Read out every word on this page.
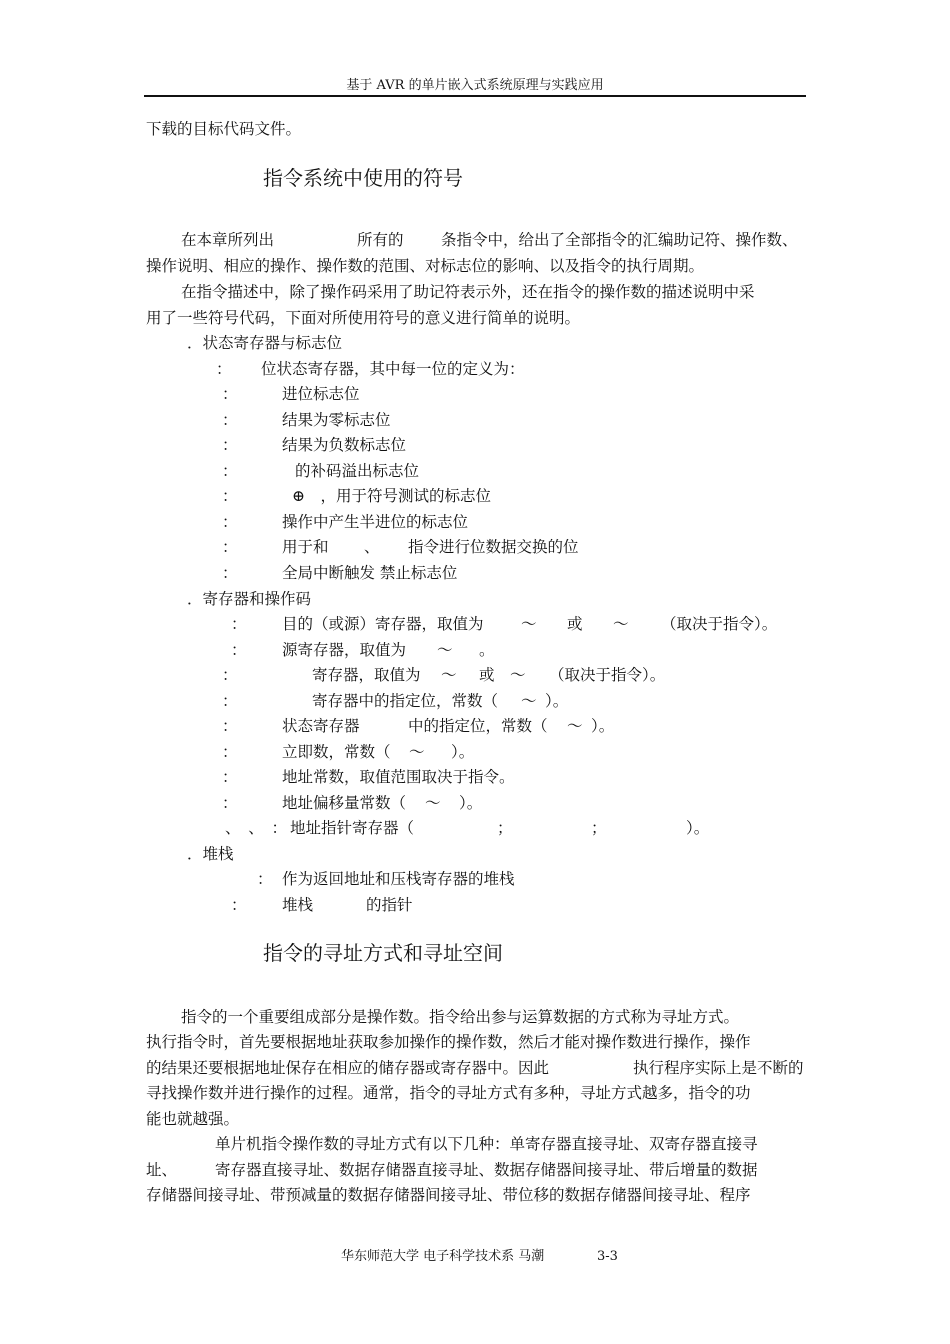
基于 AVR 的单片嵌入式系统原理与实践应用
下载的目标代码文件。
指令系统中使用的符号
在本章所列出	所有的 条指令中，给出了全部指令的汇编助记符、操作数、
操作说明、相应的操作、操作数的范围、对标志位的影响、以及指令的执行周期。
在指令描述中，除了操作码采用了助记符表示外，还在指令的操作数的描述说明中采
用了一些符号代码，下面对所使用符号的意义进行简单的说明。
．状态寄存器与标志位
： 位状态寄存器，其中每一位的定义为：
：	进位标志位
：	结果为零标志位
：	结果为负数标志位
：	的补码溢出标志位
：	⊕　，用于符号测试的标志位
：	操作中产生半进位的标志位
：	用于和 、 指令进行位数据交换的位
：	全局中断触发 禁止标志位
．寄存器和操作码
： 目的（或源）寄存器，取值为 ～ 或 ～ （取决于指令）。
： 源寄存器，取值为 ～ 。
：	寄存器，取值为 ～ 或 ～ （取决于指令）。
：	寄存器中的指定位，常数（ ～ ）。
：	状态寄存器	中的指定位，常数（ ～ ）。
：	立即数，常数（ ～ ）。
：	地址常数，取值范围取决于指令。
：	地址偏移量常数（ ～ ）。
、　、　： 地址指针寄存器（	；	；	）。
．堆栈
： 作为返回地址和压栈寄存器的堆栈
： 堆栈	的指针
指令的寻址方式和寻址空间
指令的一个重要组成部分是操作数。指令给出参与运算数据的方式称为寻址方式。
执行指令时，首先要根据地址获取参加操作的操作数，然后才能对操作数进行操作，操作
的结果还要根据地址保存在相应的储存器或寄存器中。因此	执行程序实际上是不断的
寻找操作数并进行操作的过程。通常，指令的寻址方式有多种，寻址方式越多，指令的功
能也就越强。
单片机指令操作数的寻址方式有以下几种：单寄存器直接寻址、双寄存器直接寻
址、 寄存器直接寻址、数据存储器直接寻址、数据存储器间接寻址、带后增量的数据
存储器间接寻址、带预减量的数据存储器间接寻址、带位移的数据存储器间接寻址、程序
华东师范大学 电子科学技术系 马潮	3-3
